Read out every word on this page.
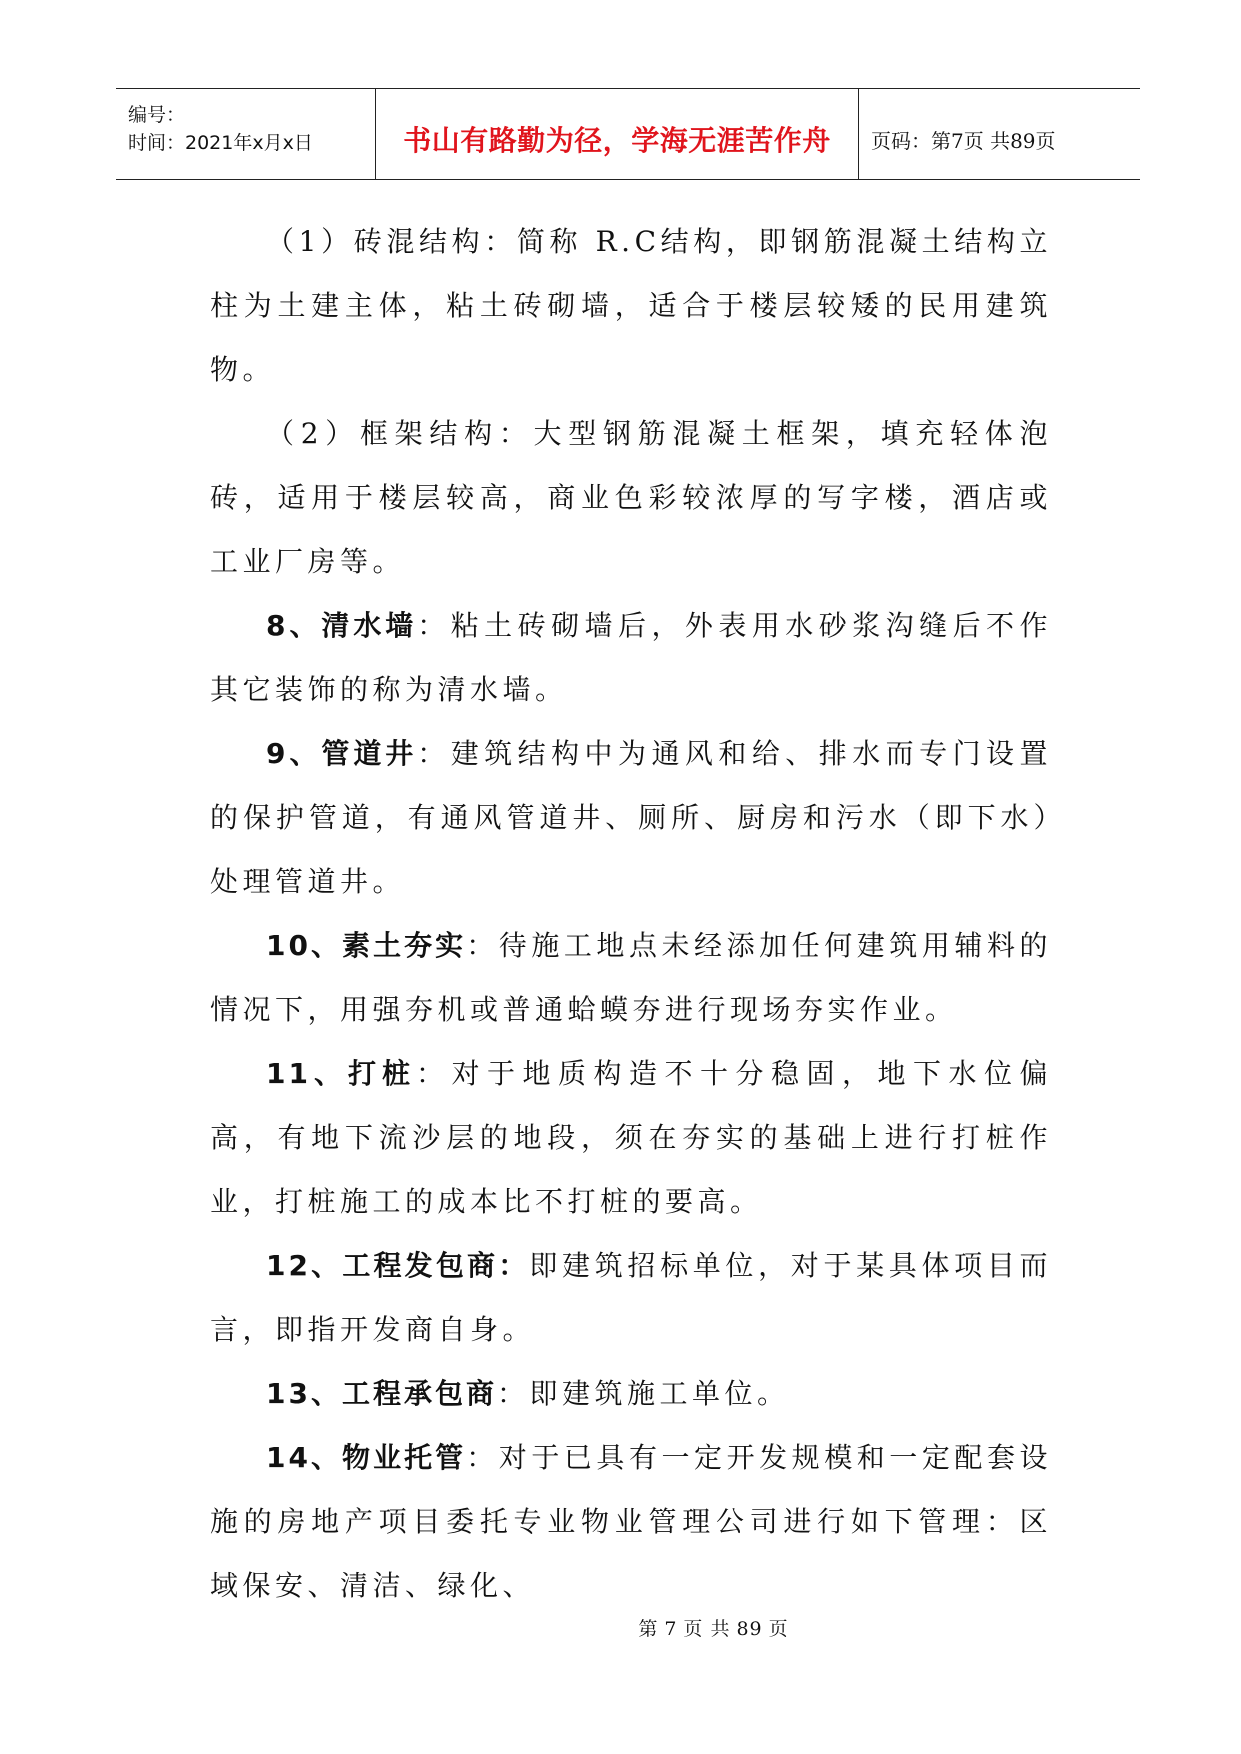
编号：
时间：2021年x月x日	书山有路勤为径，学海无涯苦作舟 页码：第7页 共89页

（1）砖混结构：简称 R.C结构，即钢筋混凝土结构立柱为土建主体，粘土砖砌墙，适合于楼层较矮的民用建筑物。

（2）框架结构：大型钢筋混凝土框架，填充轻体泡砖，适用于楼层较高，商业色彩较浓厚的写字楼，酒店或工业厂房等。

8、清水墙：粘土砖砌墙后，外表用水砂浆沟缝后不作其它装饰的称为清水墙。

9、管道井：建筑结构中为通风和给、排水而专门设置的保护管道，有通风管道井、厕所、厨房和污水（即下水）处理管道井。

10、素土夯实：待施工地点未经添加任何建筑用辅料的情况下，用强夯机或普通蛤蟆夯进行现场夯实作业。

11、打桩：对于地质构造不十分稳固，地下水位偏高，有地下流沙层的地段，须在夯实的基础上进行打桩作业，打桩施工的成本比不打桩的要高。

12、工程发包商：即建筑招标单位，对于某具体项目而言，即指开发商自身。

13、工程承包商：即建筑施工单位。

14、物业托管：对于已具有一定开发规模和一定配套设施的房地产项目委托专业物业管理公司进行如下管理：区域保安、清洁、绿化、

第 7 页 共 89 页
